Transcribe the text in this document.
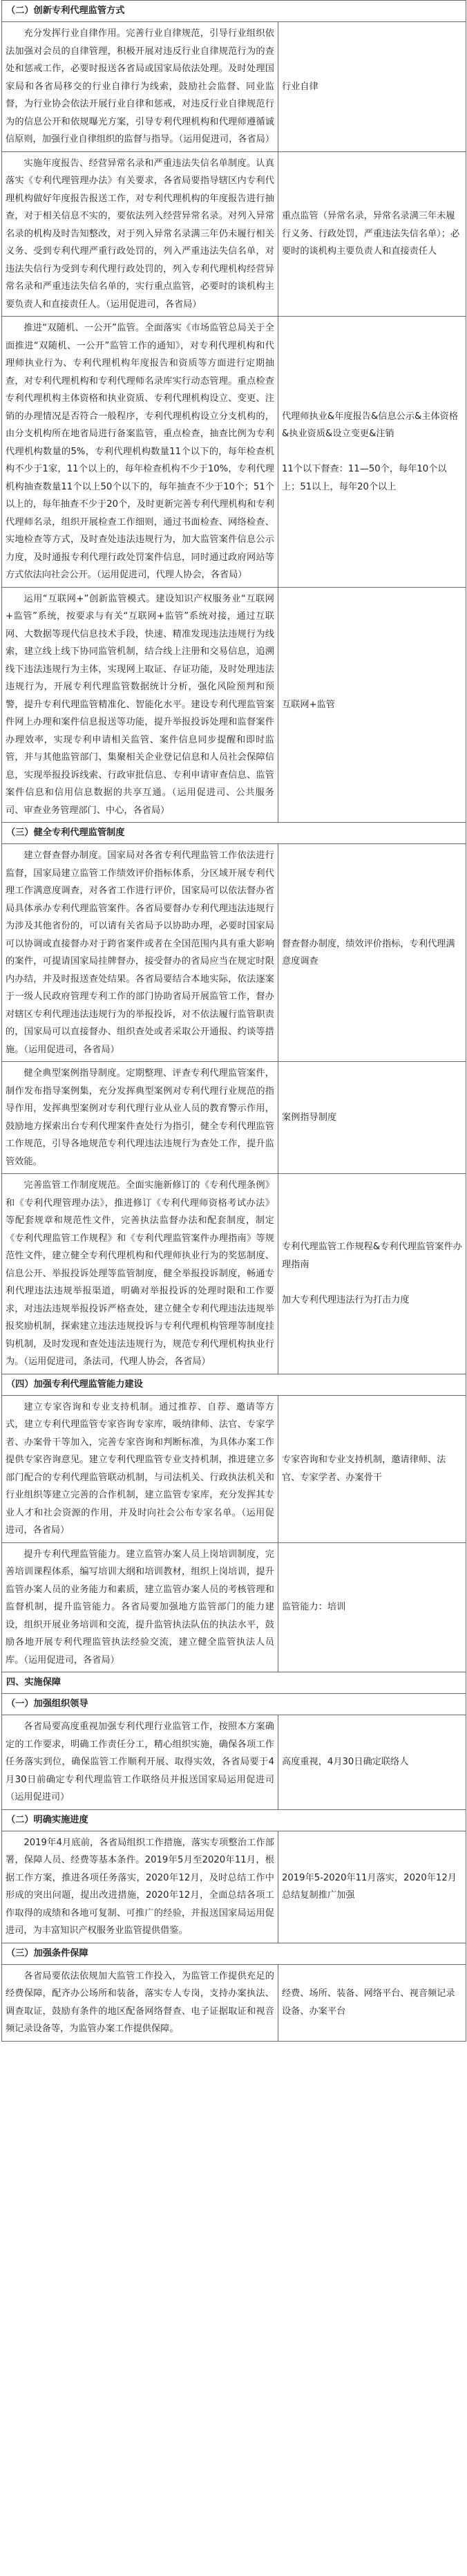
（二）创新专利代理监管方式	
充分发挥行业自律作用。完善行业自律规范，引导行业组织依法加强对会员的自律管理，积极开展对违反行业自律规范行为的查处和惩戒工作，必要时报送各省局或国家局依法处理。及时处理国家局和各省局移交的行业自律行为线索，鼓励社会监督、同业监督，为行业协会依法开展行业自律和惩戒，对违反行业自律规范行为的信息公开和依规曝光方案，引导专利代理机构和代理师遵循诚信原则，加强行业自律组织的监督与指导。（运用促进司，各省局）	行业自律
实施年度报告、经营异常名录和严重违法失信名单制度。认真落实《专利代理管理办法》有关要求，各省局要指导辖区内专利代理机构做好年度报告报送工作，对专利代理机构的年度报告进行抽查，对于相关信息不实的，要依法列入经营异常名录。对列入异常名录的机构及时告知整改，对于列入异常名录满三年仍未履行相关义务、受到专利代理严重行政处罚的，列入严重违法失信名单，对违法失信行为受到专利代理行政处罚的，列入专利代理机构经营异常名录和严重违法失信名单的，实行重点监管，必要时的谈机构主要负责人和直接责任人。（运用促进司，各省局）	重点监管（异常名录，异常名录满三年未履行义务、行政处罚，严重违法失信名单）；必要时的谈机构主要负责人和直接责任人
推进“双随机、一公开”监管。全面落实《市场监管总局关于全面推进“双随机、一公开”监管工作的通知》，对专利代理机构和代理师执业行为、专利代理机构年度报告和资质等方面进行定期抽查，对专利代理机构和专利代理师名录库实行动态管理。重点检查专利代理机构主体资格和执业资质、专利代理机构设立、变更、注销的办理情况是否符合一般程序，专利代理机构设立分支机构的，由分支机构所在地省局进行备案监管，重点检查，抽查比例为专利代理机构数量的5%，专利代理机构数量11个以下的，每年检查机构不少于1家，11个以上的，每年检查机构不少于10%，专利代理机构抽查数量11个以上50个以下的，每年抽查不少于10个；51个以上的，每年抽查不少于20个，及时更新完善专利代理机构和专利代理师名录，组织开展检查工作细则，通过书面检查、网络检查、实地检查等方式，及时查处违法违规行为，加大监管案件信息公示力度，及时通报专利代理行政处罚案件信息，同时通过政府网站等方式依法向社会公开。（运用促进司，代理人协会，各省局）	代理师执业&年度报告&信息公示&主体资格&执业资质&设立变更&注销

11个以下督查：11—50个，每年10个以上；51以上，每年20个以上
运用“互联网+”创新监管模式。建设知识产权服务业“互联网+监管”系统，按要求与有关“互联网+监管”系统对接，通过互联网、大数据等现代信息技术手段，快速、精准发现违法违规行为线索，建立线上线下协同监管机制，结合线上注册和交易信息，追溯线下违法违规行为主体，实现网上取证、存证功能，及时处理违法违规行为，开展专利代理监管数据统计分析，强化风险预判和预警，提升专利代理监管精准化、智能化水平。建设专利代理监管案件网上办理和案件信息报送等功能，提升举报投诉处理和监督案件办理效率，实现专利申请相关监管、案件信息同步提醒和即时监管，并与其他监管部门、集聚相关企业登记信息和人员社会保障信息，实现举报投诉线索、行政审批信息、专利申请审查信息、监管案件信息和信用信息数据的共享互通。（运用促进司、公共服务司、审查业务管理部门、中心，各省局）	互联网+监管
（三）健全专利代理监管制度	
建立督查督办制度。国家局对各省专利代理监管工作依法进行监督，国家局建立监管工作绩效评价指标体系，分区域开展专利代理工作满意度调查，对各省工作进行评价，国家局可以依法督办省局具体承办专利代理监管案件。各省局要督办专利代理违法违规行为涉及其他省份的，可以请有关省局予以协助办理，必要时国家局可以协调或直接督办对于跨省案件或者在全国范围内具有重大影响的案件，可提请国家局挂牌督办，接受督办的省局应当在规定时限内办结，并及时报送查处结果。各省局要结合本地实际，依法逐案于一级人民政府管理专利工作的部门协助省局开展监管工作，督办对辖区专利代理违法违规行为的举报投诉，对不依法履行监管职责的，国家局可以直接督办、组织查处或者采取公开通报、约谈等措施。（运用促进司，各省局）	督查督办制度，绩效评价指标，专利代理满意度调查
健全典型案例指导制度。定期整理、评查专利代理监管案件，制作发布指导案例集，充分发挥典型案例对专利代理行业规范的指导作用，发挥典型案例对专利代理行业从业人员的教育警示作用，鼓励地方探索出台专利代理案件查处行为指引，健全专利代理监管工作规范，引导各地规范专利代理违法违规行为查处工作，提升监管效能。	案例指导制度
完善监管工作制度规范。全面实施新修订的《专利代理条例》和《专利代理管理办法》，推进修订《专利代理师资格考试办法》等配套规章和规范性文件，完善执法监督办法和配套制度，制定《专利代理监管工作规程》和《专利代理监管案件办理指南》等规范性文件，建立健全专利代理机构和代理师执业行为的奖惩制度、信息公开、举报投诉处理等监管制度，健全举报投诉制度，畅通专利代理违法违规举报渠道，明确对举报投诉的处理时限和工作要求，对违法违规举报投诉严格查处，建立健全专利代理违法违规举报奖励机制，探索建立违法违规投诉与专利代理机构管理等制度挂钩机制，及时发现和查处违法违规行为，规范专利代理机构执业行为。（运用促进司，条法司，代理人协会，各省局）	专利代理监管工作规程&专利代理监管案件办理指南

加大专利代理违法行为打击力度
（四）加强专利代理监管能力建设	
建立专家咨询和专业支持机制。通过推荐、自荐、邀请等方式，建立专利代理监管专家咨询专家库，吸纳律师、法官、专家学者、办案骨干等加入，完善专家咨询和判断标准，为具体办案工作提供专家咨询意见。建立专利代理监管专业支持机制，推进建立多部门配合的专利代理监管联动机制，与司法机关、行政执法机关和行业组织等建立完善的合作机制，建立监管专家库，充分发挥其专业人才和社会资源的作用，并及时向社会公布专家名单。（运用促进司，各省局）	专家咨询和专业支持机制，邀请律师、法官、专家学者、办案骨干
提升专利代理监管能力。建立监管办案人员上岗培训制度，完善培训课程体系，编写培训大纲和培训教材，组织上岗培训，提升监管办案人员的业务能力和素质，建立监管办案人员的考核管理和监督机制，提升监管能力。各省局要加强地方监管部门的能力建设，组织开展业务培训和交流，提升监管执法队伍的执法水平，鼓励各地开展专利代理监管执法经验交流，建立健全监管执法人员库。（运用促进司，各省局）	监管能力：培训
四、实施保障	
（一）加强组织领导	
各省局要高度重视加强专利代理行业监管工作，按照本方案确定的工作要求，明确工作责任分工，精心组织实施，确保各项工作任务落实到位，确保监管工作顺利开展、取得实效，各省局要于4月30日前确定专利代理监管工作联络员并报送国家局运用促进司（运用促进司）	高度重视，4月30日确定联络人
（二）明确实施进度	
2019年4月底前，各省局组织工作措施，落实专项整治工作部署，保障人员、经费等基本条件。2019年5月至2020年11月，根据工作方案，推进各项任务落实，2020年12月，及时总结工作中形成的突出问题，提出改进措施，2020年12月，全面总结各项工作取得的成绩和各地可复制、可推广的经验，并报送国家局运用促进司，为丰富知识产权服务业监管提供借鉴。	2019年5-2020年11月落实，2020年12月总结复制推广加强
（三）加强条件保障	
各省局要依法依规加大监管工作投入，为监管工作提供充足的经费保障，配齐办公场所和装备，落实专人专岗，支持办案执法、调查取证，鼓励有条件的地区配备网络督查、电子证据取证和视音频记录设备等，为监管办案工作提供保障。	经费、场所、装备、网络平台、视音频记录设备、办案平台
